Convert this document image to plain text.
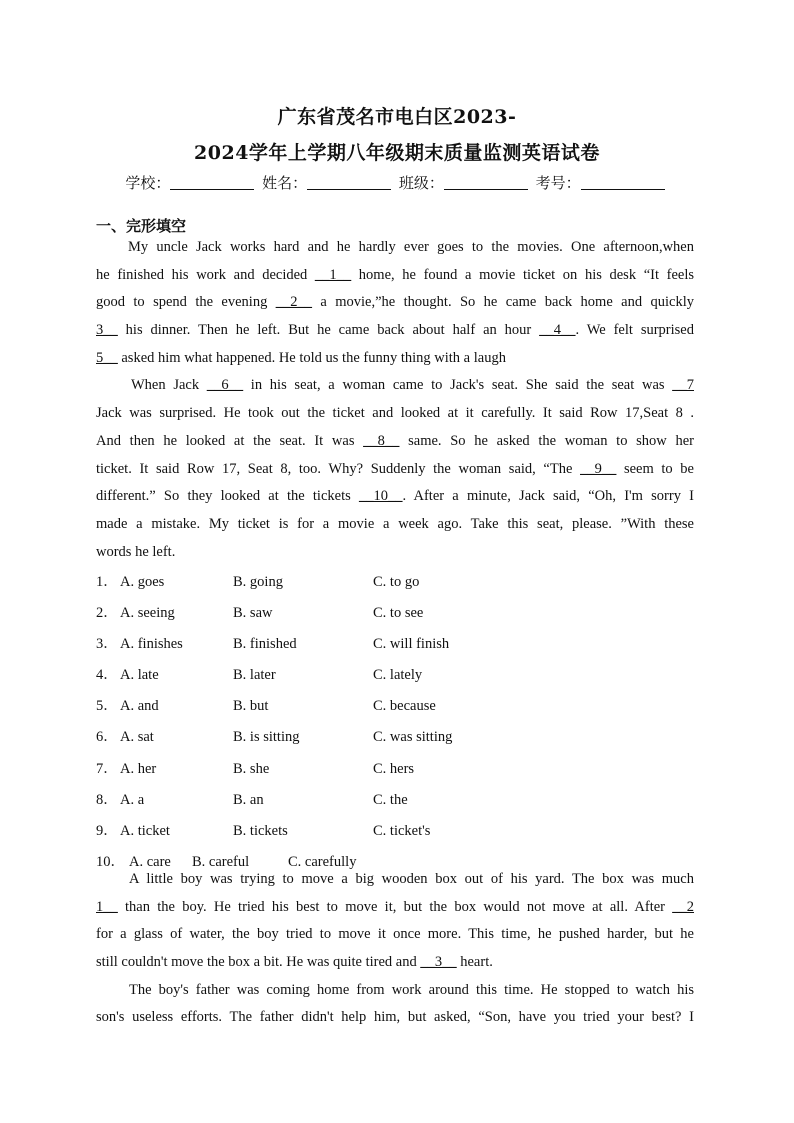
广东省茂名市电白区2023-
2024学年上学期八年级期末质量监测英语试卷
学校：	姓名：	班级：	考号：
一、完形填空
My uncle Jack works hard and he hardly ever goes to the movies. One afternoon,when
he finished his work and decided __1__ home, he found a movie ticket on his desk “It feels
good to spend the evening __2__ a movie,”he thought. So he came back home and quickly
3__ his dinner. Then he left. But he came back about half an hour __4__. We felt surprised
5__ asked him what happened. He told us the funny thing with a laugh
When Jack __6__ in his seat, a woman came to Jack's seat. She said the seat was __7
Jack was surprised. He took out the ticket and looked at it carefully. It said Row 17,Seat 8 .
And then he looked at the seat. It was __8__ same. So he asked the woman to show her
ticket. It said Row 17, Seat 8, too. Why? Suddenly the woman said, “The __9__ seem to be
different.” So they looked at the tickets __10__. After a minute, Jack said, “Oh, I'm sorry I
made a mistake. My ticket is for a movie a week ago. Take this seat, please. ”With these
words he left.
1． A. goes	B. going	C. to go
2． A. seeing	B. saw	C. to see
3． A. finishes	B. finished	C. will finish
4． A. late	B. later	C. lately
5． A. and	B. but	C. because
6． A. sat	B. is sitting	C. was sitting
7． A. her	B. she	C. hers
8． A. a	B. an	C. the
9． A. ticket	B. tickets	C. ticket's
10． A. care B. careful	C. carefully
A little boy was trying to move a big wooden box out of his yard. The box was much
1__ than the boy. He tried his best to move it, but the box would not move at all. After __2
for a glass of water, the boy tried to move it once more. This time, he pushed harder, but he
still couldn't move the box a bit. He was quite tired and __3__ heart.
The boy's father was coming home from work around this time. He stopped to watch his
son's useless efforts. The father didn't help him, but asked, “Son, have you tried your best? I
